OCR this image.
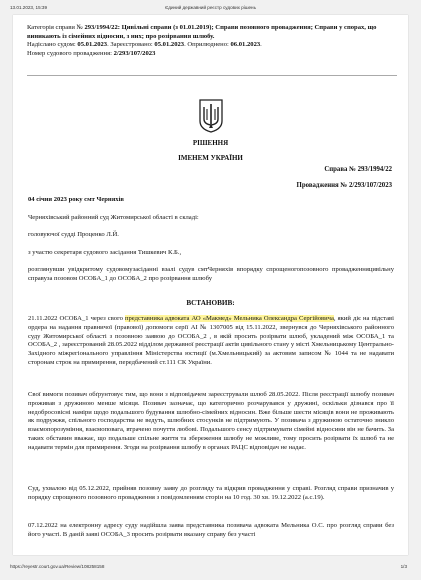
13.01.2023, 15:39	Єдиний державний реєстр судових рішень

Категорія справи № 293/1994/22: Цивільні справи (з 01.01.2019); Справи позовного провадження; Справи у спорах, що виникають із сімейних відносин, з них; про розірвання шлюбу.

Надіслано судом: 05.01.2023. Зареєстровано: 05.01.2023. Оприлюднено: 06.01.2023.

Номер судового провадження: 2/293/107/2023

РІШЕННЯ
ІМЕНЕМ УКРАЇНИ
Справа № 293/1994/22
Провадження № 2/293/107/2023
04 січня 2023 року смт Черняхів
Черняхівський районний суд Житомирської області в складі:
головуючої судді Проценко Л.Й.
з участю секретаря судового засідання Тишкевич К.Б.,

розглянувши увідкритому судовомузасіданні взалі судув смтЧерняхів впорядку спрощеногопозовного провадженняцивільну справуза позовом ОСОБА_1 до ОСОБА_2 про розірвання шлюбу

ВСТАНОВИВ:

21.11.2022 ОСОБА_1 через свого представника адвоката АО «Макмед» Мельника Олександра Сергійовича, який діє на підставі ордера на надання правничої (правової) допомоги серії АІ № 1307005 від 15.11.2022, звернувся до Черняхівського районного суду Житомирської області з позовною заявою до ОСОБА_2 , в якій просить розірвати шлюб, укладений між ОСОБА_1 та ОСОБА_2 , зареєстрований 28.05.2022 відділом державної реєстрації актів цивільного стану у місті Хмельницькому Центрально-Західного міжрегіонального управління Міністерства юстиції (м.Хмельницький) за актовим записом № 1044 та не надавати сторонам строк на примирення, передбачений ст.111 СК України.

Свої вимоги позивач обґрунтовує тим, що вони з відповідачем зареєстрували шлюб 28.05.2022. Після реєстрації шлюбу позивач проживав з дружиною менше місяця. Позивач зазначає, що категорично розчарувався у дружині, оскільки дізнався про її недобросовісні наміри щодо подальшого будування шлюбно-сімейних відносин. Вже більше шести місяців вони не проживають як подружжя, спільного господарства не ведуть, шлюбних стосунків не підтримують. У позивача з дружиною остаточно зникло взаємопорозуміння, взаємоповага, втрачено почуття любові. Подальшого сенсу підтримувати сімейні відносини він не бачить. За таких обставин вважає, що подальше спільне життя та збереження шлюбу не можливе, тому просить розірвати їх шлюб та не надавати термін для примирення. Згоди на розірвання шлюбу в органах РАЦС відповідач не надає.

Суд, ухвалою від 05.12.2022, прийняв позовну заяву до розгляду та відкрив провадження у справі. Розгляд справи призначив у порядку спрощеного позовного провадження з повідомленням сторін на 10 год. 30 хв. 19.12.2022 (а.с.19).

07.12.2022 на електронну адресу суду надійшла заява представника позивача адвоката Мельника О.С. про розгляд справи без його участі. В даній заяві ОСОБА_3 просить розірвати вказану справу без участі

https://reyestr.court.gov.ua/Review/108258158	1/3
